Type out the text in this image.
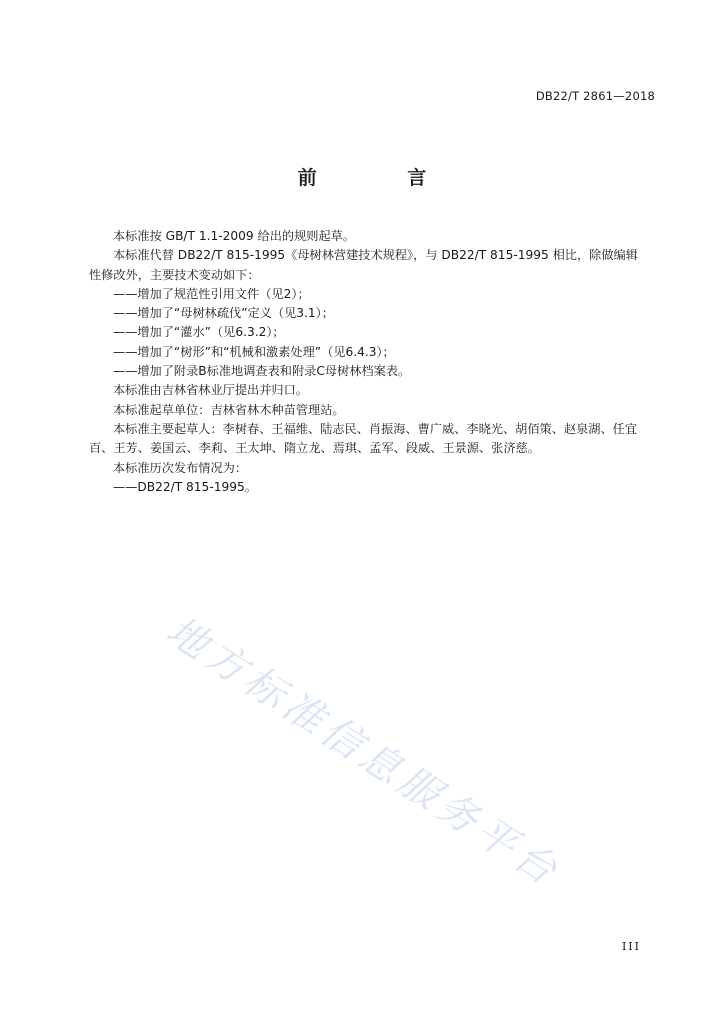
DB22/T 2861—2018
前 言

本标准按 GB/T 1.1-2009 给出的规则起草。

本标准代替 DB22/T 815-1995《母树林营建技术规程》，与 DB22/T 815-1995 相比，除做编辑性修改外，主要技术变动如下：

——增加了规范性引用文件（见2）；

——增加了“母树林疏伐”定义（见3.1）；

——增加了“灌水”（见6.3.2）；

——增加了“树形”和“机械和激素处理”（见6.4.3）；

——增加了附录B标准地调查表和附录C母树林档案表。

本标准由吉林省林业厅提出并归口。

本标准起草单位：吉林省林木种苗管理站。

本标准主要起草人：李树春、王福维、陆志民、肖振海、曹广威、李晓光、胡佰策、赵泉湖、任宜百、王芳、姜国云、李莉、王太坤、隋立龙、焉琪、孟军、段威、王景源、张济慈。

本标准历次发布情况为：

——DB22/T 815-1995。

地方标准信息服务平台
III
